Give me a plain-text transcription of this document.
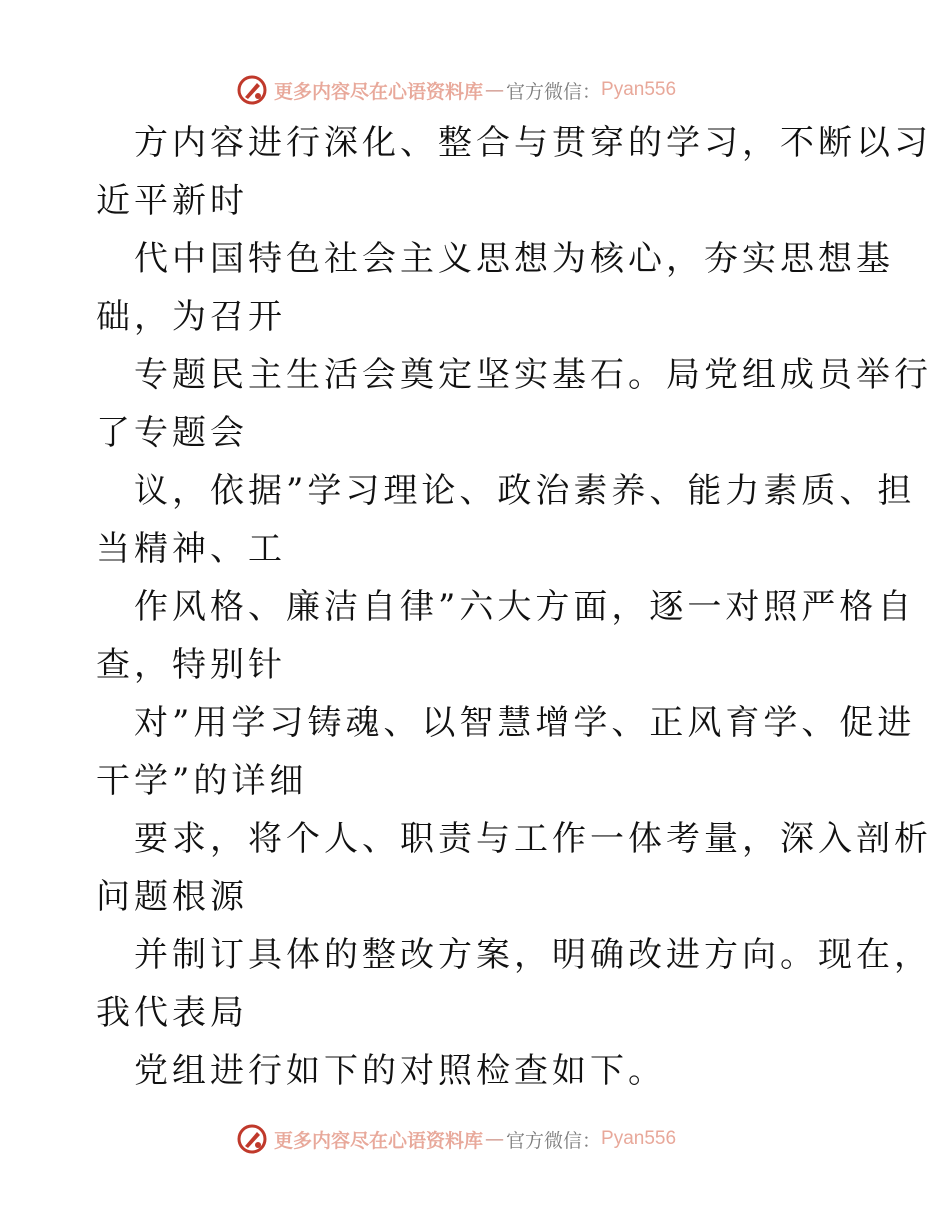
更多内容尽在心语资料库 — 官方微信： Pyan556

方内容进行深化、整合与贯穿的学习，不断以习
近平新时

代中国特色社会主义思想为核心，夯实思想基
础，为召开

专题民主生活会奠定坚实基石。局党组成员举行
了专题会

议，依据”学习理论、政治素养、能力素质、担
当精神、工

作风格、廉洁自律”六大方面，逐一对照严格自
查，特别针

对”用学习铸魂、以智慧增学、正风育学、促进
干学”的详细

要求，将个人、职责与工作一体考量，深入剖析
问题根源

并制订具体的整改方案，明确改进方向。现在，
我代表局

党组进行如下的对照检查如下。

更多内容尽在心语资料库 — 官方微信： Pyan556
